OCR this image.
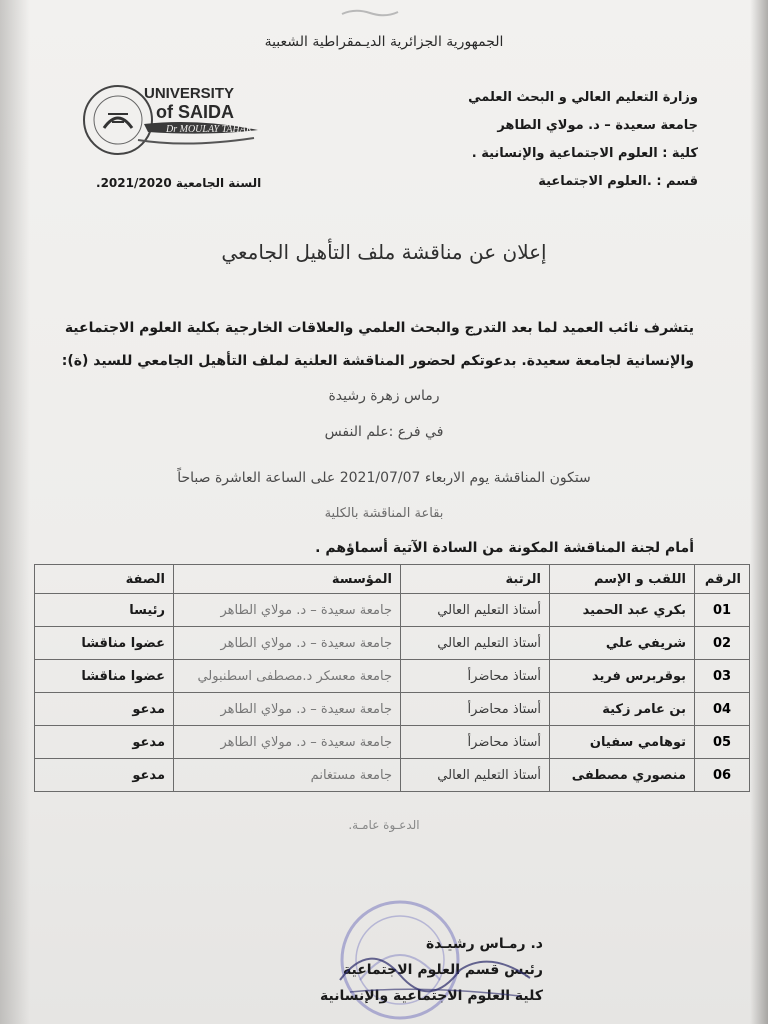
الجمهورية الجزائرية الديـمقراطية الشعبية
UNIVERSITY
of SAIDA
Dr MOULAY TAHAR
وزارة التعليم العالي و البحث العلمي
جامعة سعيدة – د. مولاي الطاهر
كلية : العلوم الاجتماعية والإنسانية .
قسم : .العلوم الاجتماعية
السنة الجامعية 2021/2020.
إعلان عن مناقشة ملف التأهيل الجامعي
يتشرف نائب العميد لما بعد التدرج والبحث العلمي والعلاقات الخارجية بكلية العلوم الاجتماعية
والإنسانية لجامعة سعيدة. بدعوتكم لحضور المناقشة العلنية لملف التأهيل الجامعي للسيد (ة):
رماس زهرة رشيدة
في فرع :علم النفس
ستكون المناقشة يوم الاربعاء 2021/07/07 على الساعة العاشرة صباحاً
بقاعة المناقشة بالكلية
أمام لجنة المناقشة المكونة من السادة الآتية أسماؤهم .
الرقم	اللقب و الإسم	الرتبة	المؤسسة	الصفة
01	بكري عبد الحميد	أستاذ التعليم العالي	جامعة سعيدة – د. مولاي الطاهر	رئيسا
02	شريفي علي	أستاذ التعليم العالي	جامعة سعيدة – د. مولاي الطاهر	عضوا مناقشا
03	بوقربرس فريد	أستاذ محاضرأ	جامعة معسكر د.مصطفى اسطنبولي	عضوا مناقشا
04	بن عامر زكية	أستاذ محاضرأ	جامعة سعيدة – د. مولاي الطاهر	مدعو
05	توهامي سفيان	أستاذ محاضرأ	جامعة سعيدة – د. مولاي الطاهر	مدعو
06	منصوري مصطفى	أستاذ التعليم العالي	جامعة مستغانم	مدعو
الدعـوة عامـة.
د. رمـاس رشيـدة
رئيس قسم العلوم الاجتماعية
كلية العلوم الاجتماعية والإنسانية
